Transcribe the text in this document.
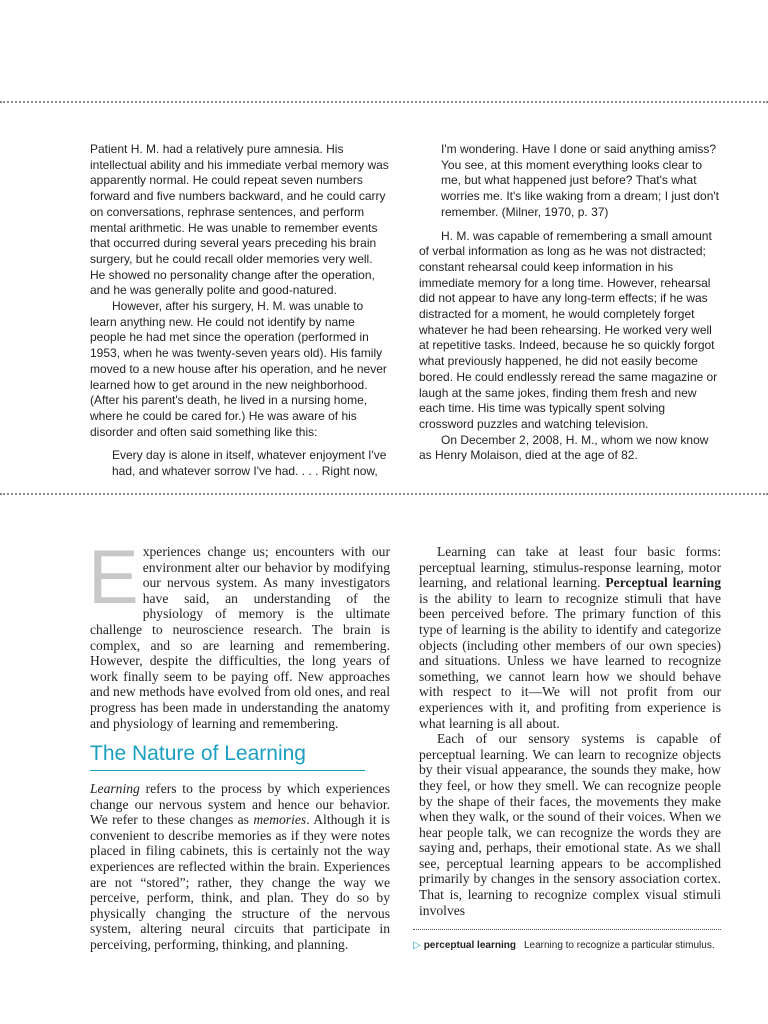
Patient H. M. had a relatively pure amnesia. His intellectual ability and his immediate verbal memory was apparently normal. He could repeat seven numbers forward and five numbers backward, and he could carry on conversations, rephrase sentences, and perform mental arithmetic. He was unable to remember events that occurred during several years preceding his brain surgery, but he could recall older memories very well. He showed no personality change after the operation, and he was generally polite and good-natured.

However, after his surgery, H. M. was unable to learn anything new. He could not identify by name people he had met since the operation (performed in 1953, when he was twenty-seven years old). His family moved to a new house after his operation, and he never learned how to get around in the new neighborhood. (After his parent's death, he lived in a nursing home, where he could be cared for.) He was aware of his disorder and often said something like this:

Every day is alone in itself, whatever enjoyment I've had, and whatever sorrow I've had. . . . Right now,

I'm wondering. Have I done or said anything amiss? You see, at this moment everything looks clear to me, but what happened just before? That's what worries me. It's like waking from a dream; I just don't remember. (Milner, 1970, p. 37)

H. M. was capable of remembering a small amount of verbal information as long as he was not distracted; constant rehearsal could keep information in his immediate memory for a long time. However, rehearsal did not appear to have any long-term effects; if he was distracted for a moment, he would completely forget whatever he had been rehearsing. He worked very well at repetitive tasks. Indeed, because he so quickly forgot what previously happened, he did not easily become bored. He could endlessly reread the same magazine or laugh at the same jokes, finding them fresh and new each time. His time was typically spent solving crossword puzzles and watching television.

On December 2, 2008, H. M., whom we now know as Henry Molaison, died at the age of 82.

Experiences change us; encounters with our environment alter our behavior by modifying our nervous system. As many investigators have said, an understanding of the physiology of memory is the ultimate challenge to neuroscience research. The brain is complex, and so are learning and remembering. However, despite the difficulties, the long years of work finally seem to be paying off. New approaches and new methods have evolved from old ones, and real progress has been made in understanding the anatomy and physiology of learning and remembering.

The Nature of Learning

Learning refers to the process by which experiences change our nervous system and hence our behavior. We refer to these changes as memories. Although it is convenient to describe memories as if they were notes placed in filing cabinets, this is certainly not the way experiences are reflected within the brain. Experiences are not “stored”; rather, they change the way we perceive, perform, think, and plan. They do so by physically changing the structure of the nervous system, altering neural circuits that participate in perceiving, performing, thinking, and planning.

Learning can take at least four basic forms: perceptual learning, stimulus-response learning, motor learning, and relational learning. Perceptual learning is the ability to learn to recognize stimuli that have been perceived before. The primary function of this type of learning is the ability to identify and categorize objects (including other members of our own species) and situations. Unless we have learned to recognize something, we cannot learn how we should behave with respect to it—We will not profit from our experiences with it, and profiting from experience is what learning is all about.

Each of our sensory systems is capable of perceptual learning. We can learn to recognize objects by their visual appearance, the sounds they make, how they feel, or how they smell. We can recognize people by the shape of their faces, the movements they make when they walk, or the sound of their voices. When we hear people talk, we can recognize the words they are saying and, perhaps, their emotional state. As we shall see, perceptual learning appears to be accomplished primarily by changes in the sensory association cortex. That is, learning to recognize complex visual stimuli involves

▷ perceptual learning Learning to recognize a particular stimulus.
